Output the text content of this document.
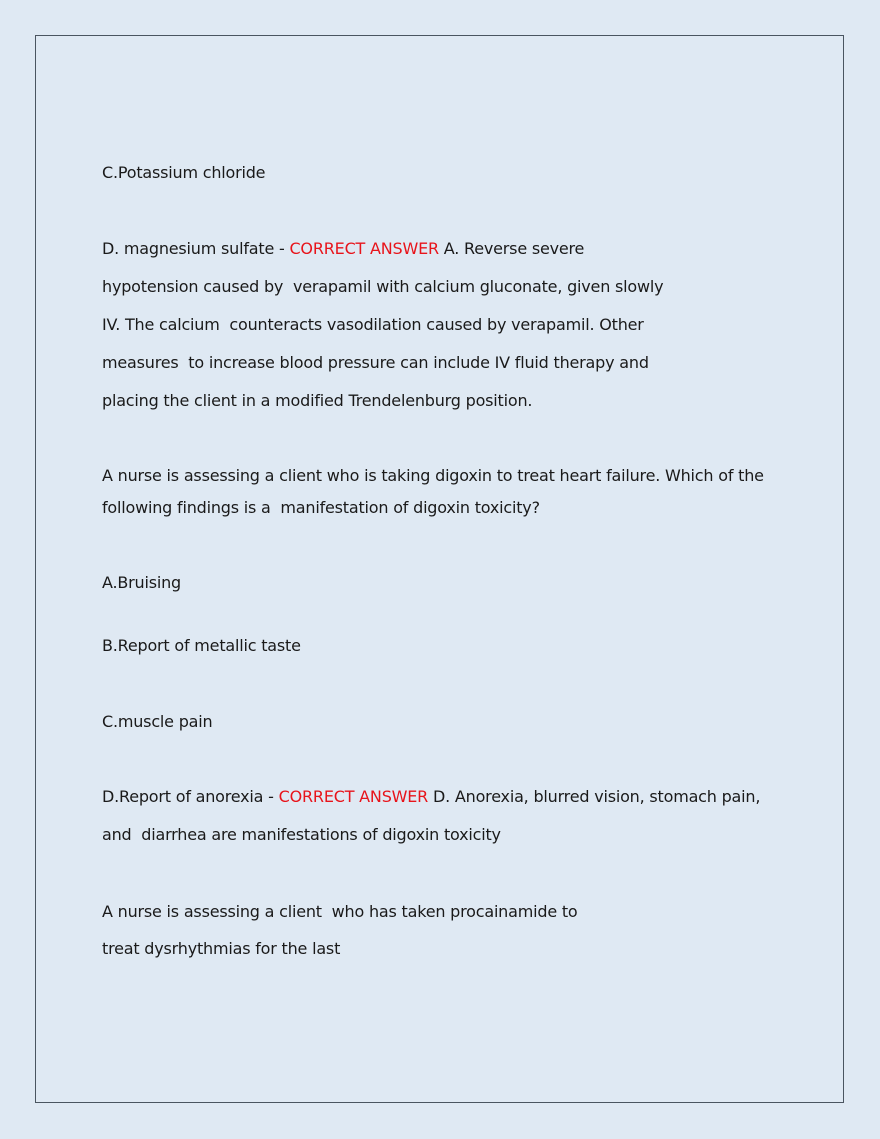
C.Potassium chloride
D. magnesium sulfate - CORRECT ANSWER A. Reverse severe
hypotension caused by  verapamil with calcium gluconate, given slowly
IV. The calcium  counteracts vasodilation caused by verapamil. Other
measures  to increase blood pressure can include IV fluid therapy and
placing the client in a modified Trendelenburg position.
A nurse is assessing a client who is taking digoxin to treat heart failure. Which of the
following findings is a  manifestation of digoxin toxicity?
A.Bruising
B.Report of metallic taste
C.muscle pain
D.Report of anorexia - CORRECT ANSWER D. Anorexia, blurred vision, stomach pain,
and  diarrhea are manifestations of digoxin toxicity
A nurse is assessing a client  who has taken procainamide to
treat dysrhythmias for the last
